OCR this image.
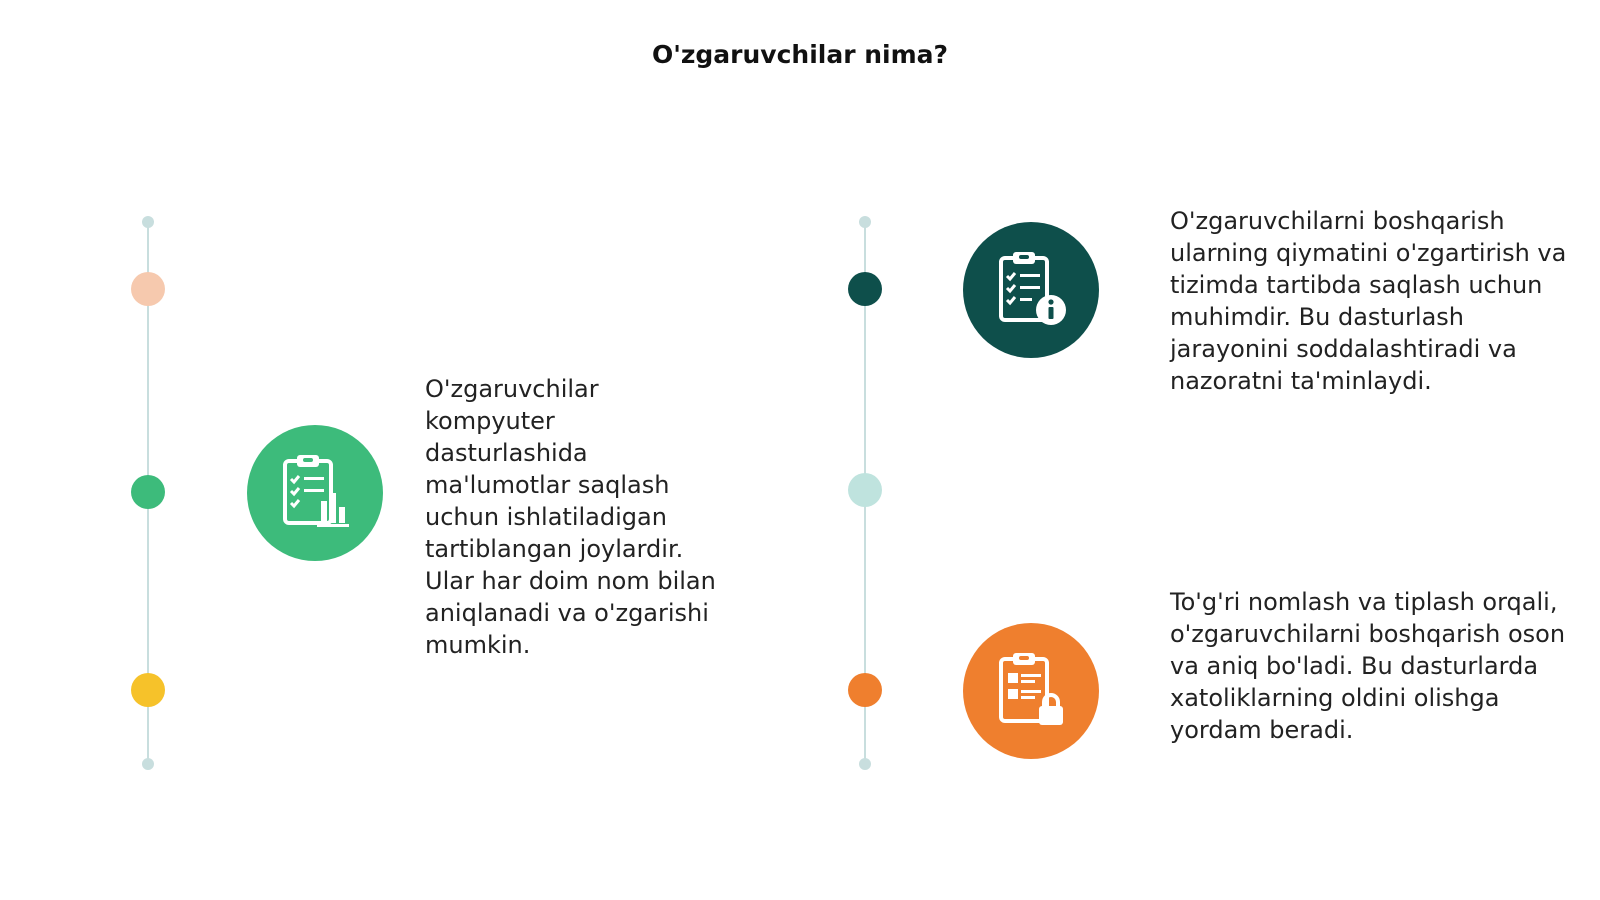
O'zgaruvchilar nima?
O'zgaruvchilar kompyuter dasturlashida ma'lumotlar saqlash uchun ishlatiladigan tartiblangan joylardir. Ular har doim nom bilan aniqlanadi va o'zgarishi mumkin.
O'zgaruvchilarni boshqarish ularning qiymatini o'zgartirish va tizimda tartibda saqlash uchun muhimdir. Bu dasturlash jarayonini soddalashtiradi va nazoratni ta'minlaydi.
To'g'ri nomlash va tiplash orqali, o'zgaruvchilarni boshqarish oson va aniq bo'ladi. Bu dasturlarda xatoliklarning oldini olishga yordam beradi.
